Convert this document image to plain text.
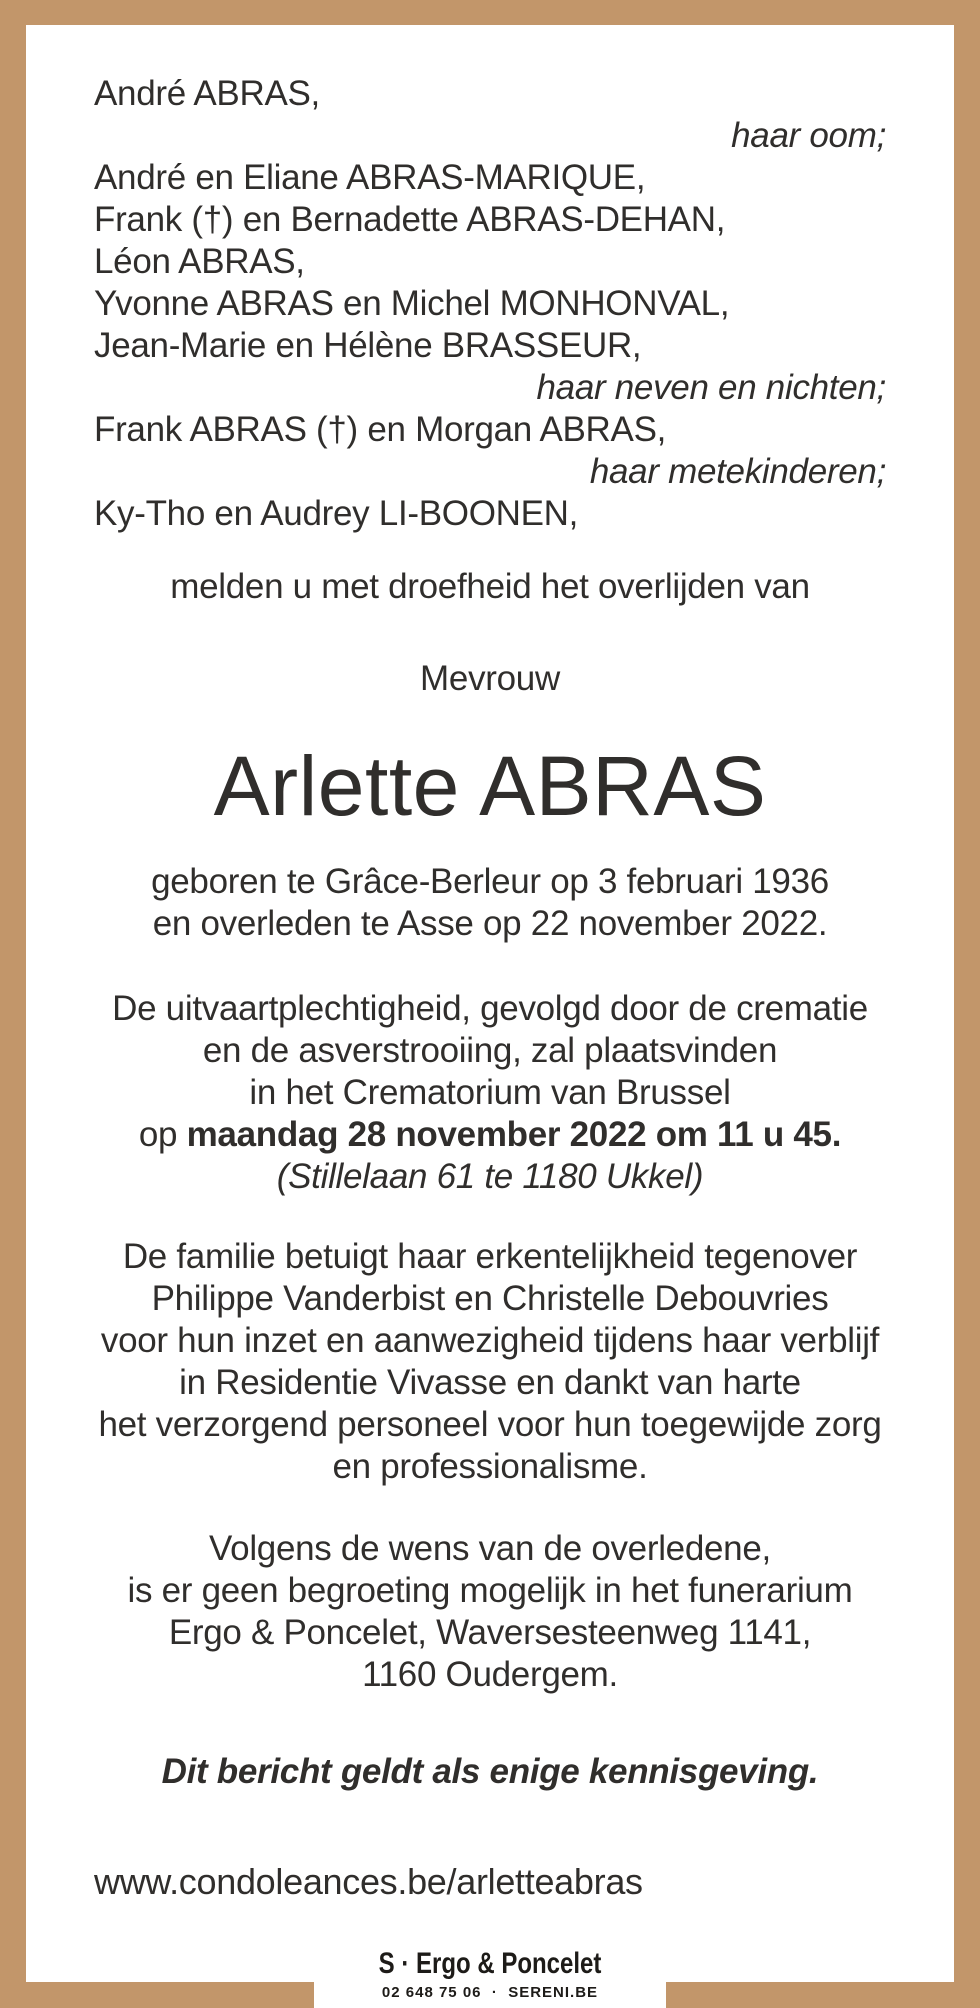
André ABRAS,
haar oom;
André en Eliane ABRAS-MARIQUE,
Frank (†) en Bernadette ABRAS-DEHAN,
Léon ABRAS,
Yvonne ABRAS en Michel MONHONVAL,
Jean-Marie en Hélène BRASSEUR,
haar neven en nichten;
Frank ABRAS (†) en Morgan ABRAS,
haar metekinderen;
Ky-Tho en Audrey LI-BOONEN,
melden u met droefheid het overlijden van
Mevrouw
Arlette ABRAS
geboren te Grâce-Berleur op 3 februari 1936
en overleden te Asse op 22 november 2022.
De uitvaartplechtigheid, gevolgd door de crematie
en de asverstrooiing, zal plaatsvinden
in het Crematorium van Brussel
op maandag 28 november 2022 om 11 u 45.
(Stillelaan 61 te 1180 Ukkel)
De familie betuigt haar erkentelijkheid tegenover
Philippe Vanderbist en Christelle Debouvries
voor hun inzet en aanwezigheid tijdens haar verblijf
in Residentie Vivasse en dankt van harte
het verzorgend personeel voor hun toegewijde zorg
en professionalisme.
Volgens de wens van de overledene,
is er geen begroeting mogelijk in het funerarium
Ergo & Poncelet, Waversesteenweg 1141,
1160 Oudergem.
Dit bericht geldt als enige kennisgeving.
www.condoleances.be/arletteabras
S · Ergo & Poncelet
02 648 75 06 · SERENI.BE
